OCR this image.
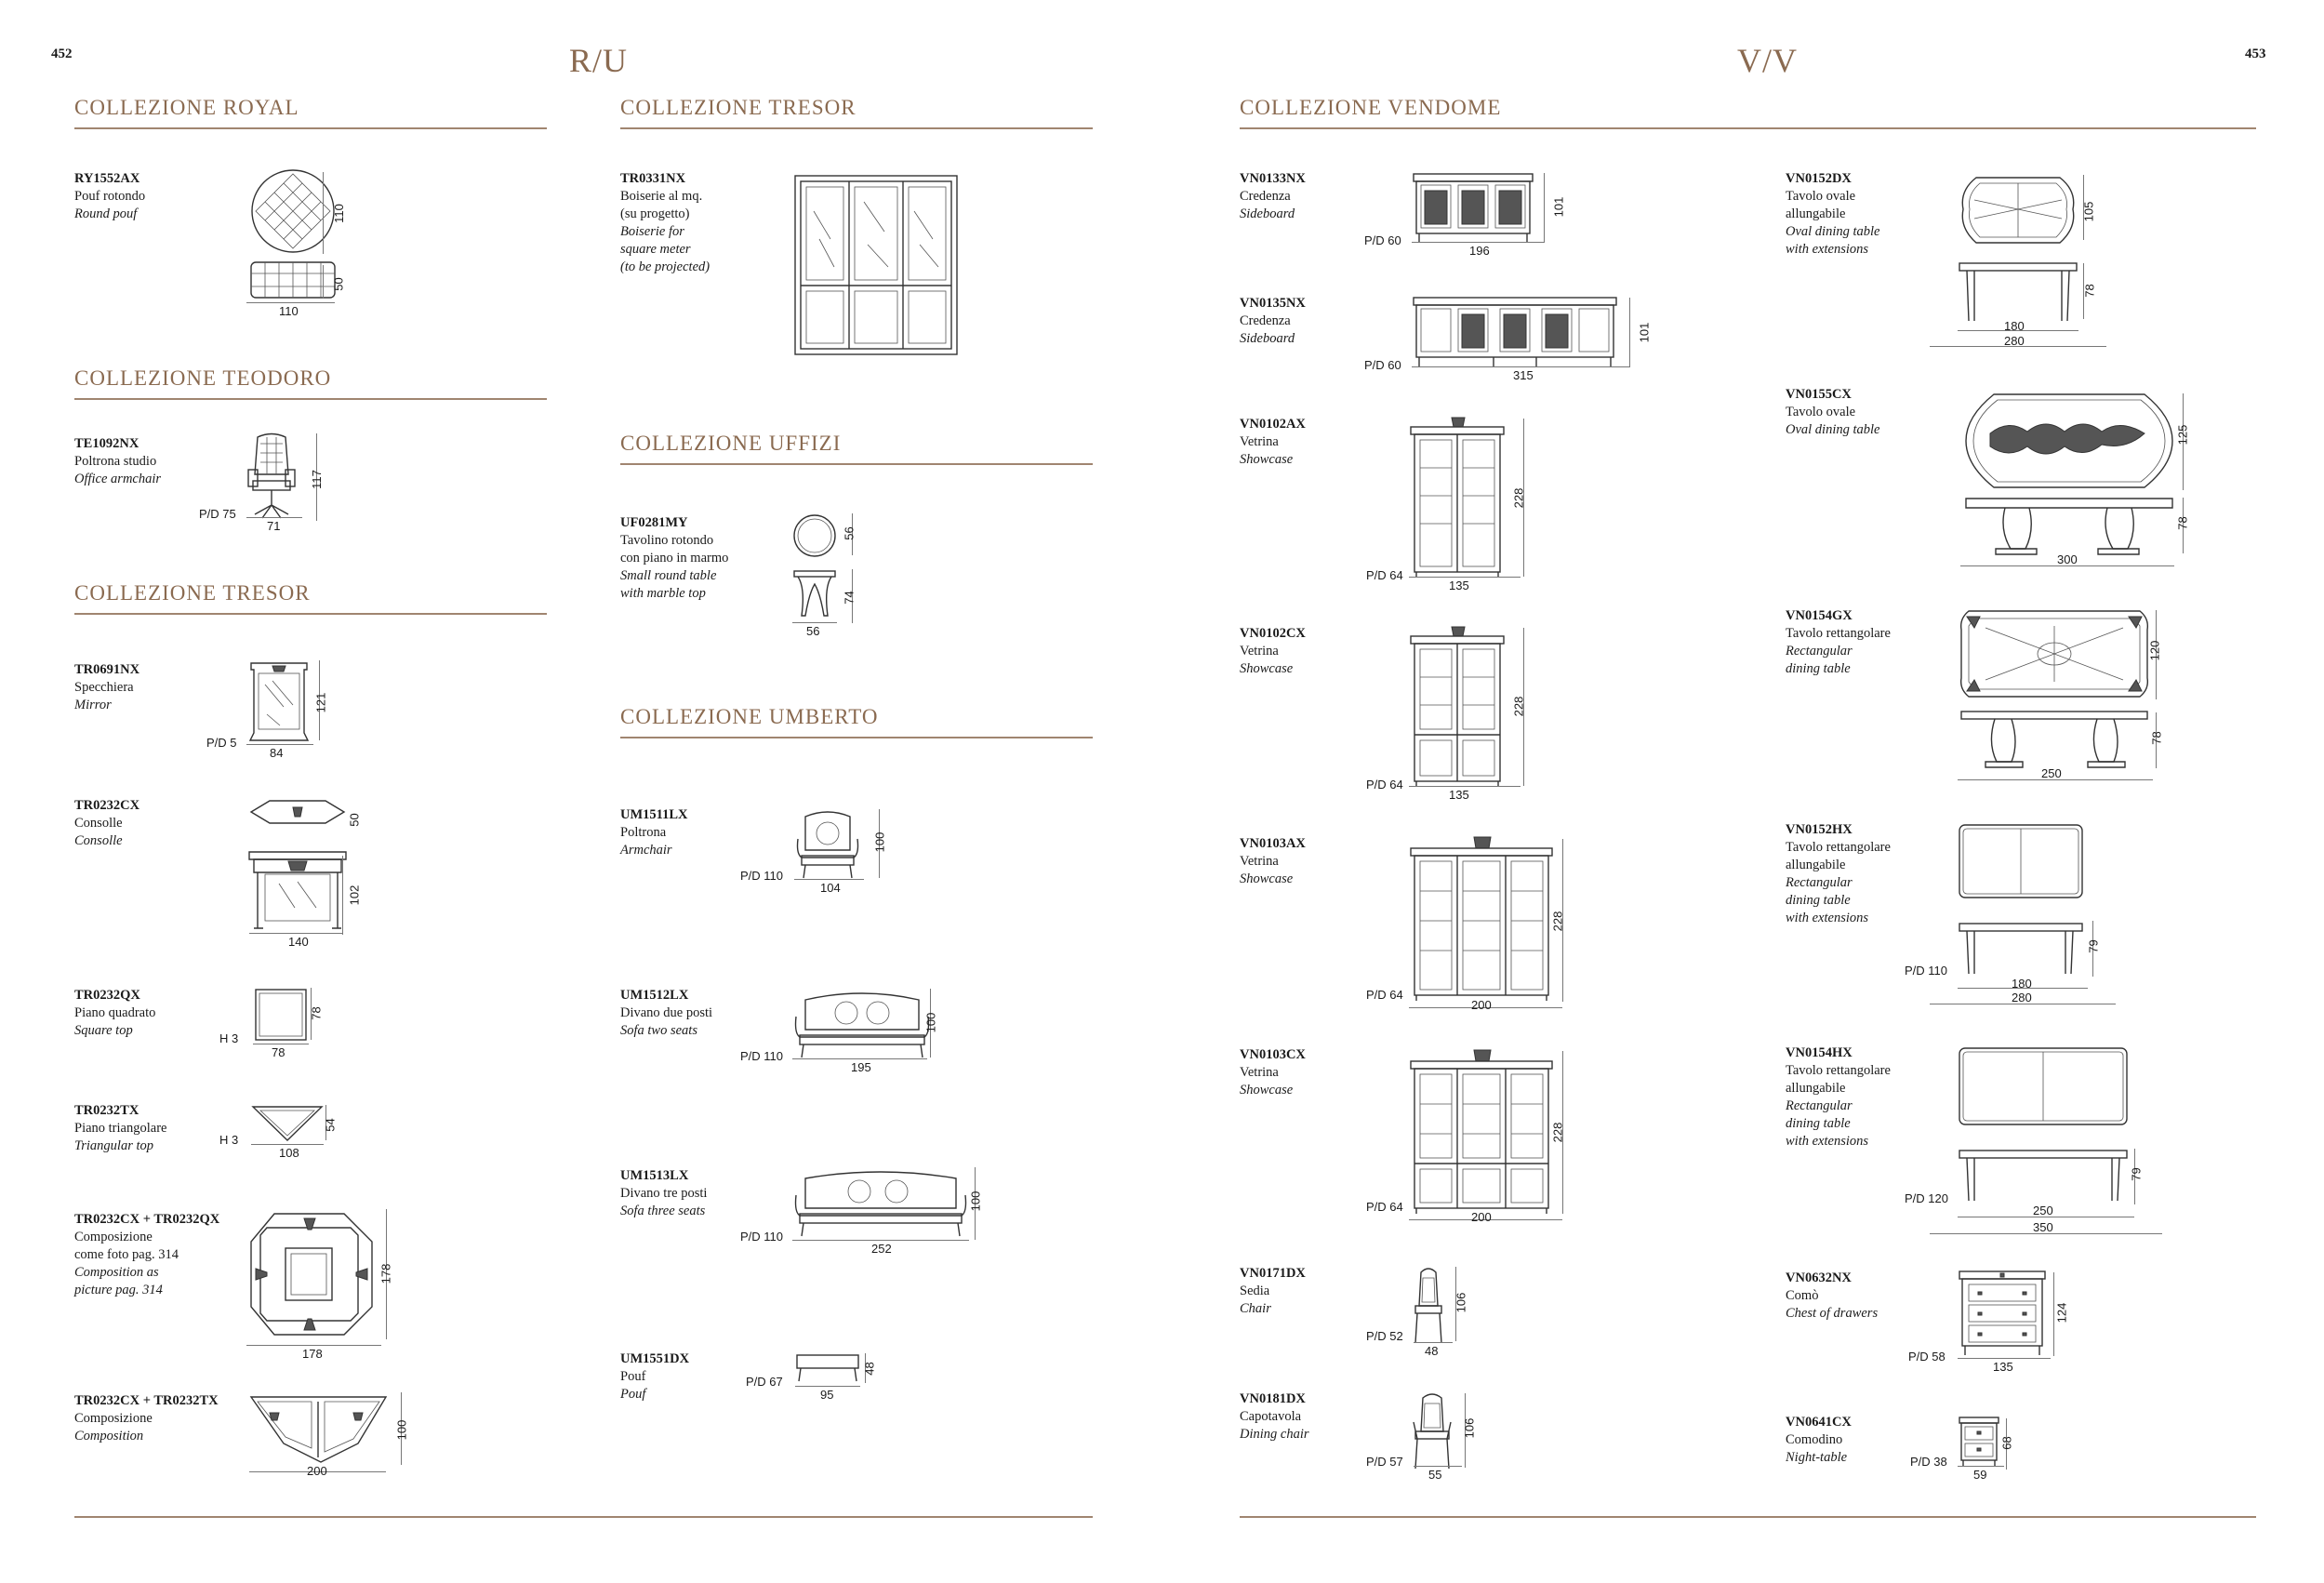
452	453
R/U	V/V
COLLEZIONE ROYAL
COLLEZIONE TEODORO
COLLEZIONE TRESOR
COLLEZIONE TRESOR
COLLEZIONE UFFIZI
COLLEZIONE UMBERTO
COLLEZIONE VENDOME
RY1552AX
Pouf rotondo
Round pouf	110
50
110
TE1092NX
Poltrona studio
Office armchair	117
P/D 75
71
TR0691NX
Specchiera
Mirror	121
P/D 5
84
TR0232CX
Consolle
Consolle
50
102
140
TR0232QX
Piano quadrato
Square top
78
H 3
78
TR0232TX
Piano triangolare
Triangular top
54
H 3
108
TR0232CX + TR0232QX
Composizione
come foto pag. 314
Composition as
picture pag. 314
178
178
TR0232CX + TR0232TX
Composizione
Composition	100
200
TR0331NX
Boiserie al mq.
(su progetto)
Boiserie for
square meter
(to be projected)
UF0281MY
Tavolino rotondo
con piano in marmo
Small round table
with marble top
56
74
56
UM1511LX
Poltrona
Armchair	100
P/D 110
104
UM1512LX
Divano due posti
Sofa two seats	100
P/D 110
195
UM1513LX
Divano tre posti
Sofa three seats	100
P/D 110
252
UM1551DX
Pouf
Pouf
48
P/D 67
95
VN0133NX
Credenza
Sideboard	101
P/D 60
196
VN0135NX
Credenza
Sideboard	101
P/D 60
315
VN0102AX
Vetrina
Showcase
228
P/D 64
135
VN0102CX
Vetrina
Showcase
228
P/D 64
135
VN0103AX
Vetrina
Showcase
228
P/D 64
200
VN0103CX
Vetrina
Showcase
228
P/D 64
200
VN0171DX
Sedia
Chair	106
P/D 52
48
VN0181DX
Capotavola
Dining chair	106
P/D 57
55
VN0152DX
Tavolo ovale
allungabile
Oval dining table
with extensions
105
78
180
280
VN0155CX
Tavolo ovale
Oval dining table	125
78
300
VN0154GX
Tavolo rettangolare
Rectangular
dining table
120
78
250
VN0152HX
Tavolo rettangolare
allungabile
Rectangular
dining table
with extensions
79
P/D 110
180
280
VN0154HX
Tavolo rettangolare
allungabile
Rectangular
dining table
with extensions
79
P/D 120
250
350
VN0632NX
Comò
Chest of drawers	124
P/D 58
135
VN0641CX
Comodino
Night-table
68
P/D 38
59
